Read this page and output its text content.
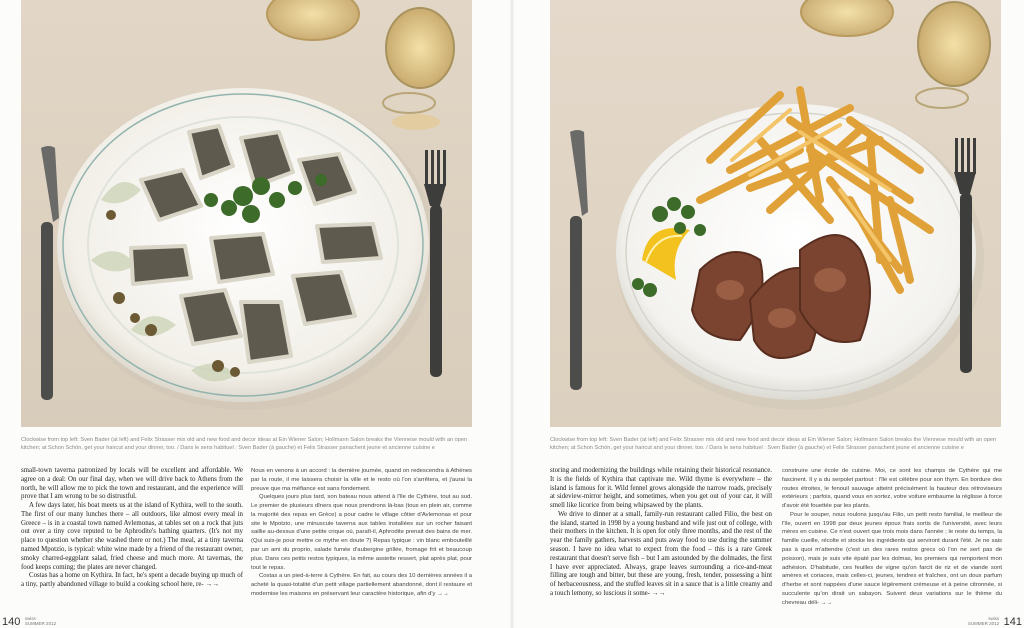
Clockwise from top left: Sven Bader (at left) and Felix Strasser mix old and new food and decor ideas at Ein Wiener Salon; Hollmann Salon breaks the Viennese mould with an open kitchen; at Schon Schön, get your haircut and your dinner, too. / Dans le sens habituel : Sven Bader (à gauche) et Felix Strasser panachent jeune et ancienne cuisine e

small-town taverna patronized by locals will be excellent and affordable. We agree on a deal: On our final day, when we will drive back to Athens from the north, he will allow me to pick the town and restaurant, and the experience will prove that I am wrong to be so distrustful.

A few days later, his boat meets us at the island of Kythira, well to the south. The first of our many lunches there – all outdoors, like almost every meal in Greece – is in a coastal town named Avlemonas, at tables set on a rock that juts out over a tiny cove reputed to be Aphrodite's bathing quarters. (It's not my place to question whether she washed there or not.) The meal, at a tiny taverna named Mpotzio, is typical: white wine made by a friend of the restaurant owner, smoky charred-eggplant salad, fried cheese and much more. At tavernas, the food keeps coming; the plates are never changed.

Costas has a home on Kythira. In fact, he's spent a decade buying up much of a tiny, partly abandoned village to build a cooking school here, re- →→

Nous en venons à un accord : la dernière journée, quand on redescendra à Athènes par la route, il me laissera choisir la ville et le resto où l'on s'arrêtera, et j'aurai la preuve que ma méfiance est sans fondement.

Quelques jours plus tard, son bateau nous attend à l'île de Cythère, tout au sud. Le premier de plusieurs dîners que nous prendrons là-bas (tous en plein air, comme la majorité des repas en Grèce) a pour cadre le village côtier d'Avlemonas et pour site le Mpotzio, une minuscule taverna aux tables installées sur un rocher faisant saillie au-dessus d'une petite crique où, paraît-il, Aphrodite prenait des bains de mer. (Qui suis-je pour mettre ce mythe en doute ?) Repas typique : vin blanc embouteillé par un ami du proprio, salade fumée d'aubergine grillée, fromage frit et beaucoup plus. Dans ces petits restos typiques, la même assiette ressert, plat après plat, pour tout le repas.

Costas a un pied-à-terre à Cythère. En fait, au cours des 10 dernières années il a acheté la quasi-totalité d'un petit village partiellement abandonné, dont il restaure et modernise les maisons en préservant leur caractère historique, afin d'y →→

140 swiss
SUMMER 2012
Clockwise from top left: Sven Bader (at left) and Felix Strasser mix old and new food and decor ideas at Ein Wiener Salon; Hollmann Salon breaks the Viennese mould with an open kitchen; at Schon Schön, get your haircut and your dinner, too. / Dans le sens habituel : Sven Bader (à gauche) et Felix Strasser panachent jeune et ancienne cuisine e

storing and modernizing the buildings while retaining their historical resonance. It is the fields of Kythira that captivate me. Wild thyme is everywhere – the island is famous for it. Wild fennel grows alongside the narrow roads, precisely at sideview-mirror height, and sometimes, when you get out of your car, it will smell like licorice from being whipsawed by the plants.

We drive to dinner at a small, family-run restaurant called Filio, the best on the island, started in 1998 by a young husband and wife just out of college, with their mothers in the kitchen. It is open for only three months, and the rest of the year the family gathers, harvests and puts away food to use during the summer season. I have no idea what to expect from the food – this is a rare Greek restaurant that doesn't serve fish – but I am astounded by the dolmades, the first I have ever appreciated. Always, grape leaves surrounding a rice-and-meat filling are tough and bitter, but these are young, fresh, tender, possessing a hint of herbaceousness, and the stuffed leaves sit in a sauce that is a little creamy and a touch lemony, so luscious it some- →→

construire une école de cuisine. Moi, ce sont les champs de Cythère qui me fascinent. Il y a du serpolet partout : l'île est célèbre pour son thym. En bordure des routes étroites, le fenouil sauvage atteint précisément la hauteur des rétroviseurs extérieurs ; parfois, quand vous en sortez, votre voiture embaume la réglisse à force d'avoir été fouettée par les plants.

Pour le souper, nous roulons jusqu'au Filio, un petit resto familial, le meilleur de l'île, ouvert en 1998 par deux jeunes époux frais sortis de l'université, avec leurs mères en cuisine. Ce n'est ouvert que trois mois dans l'année ; le reste du temps, la famille cueille, récolte et stocke les ingrédients qui serviront durant l'été. Je ne sais pas à quoi m'attendre (c'est un des rares restos grecs où l'on ne sert pas de poisson), mais je suis vite épaté par les dolmas, les premiers qui remportent mon adhésion. D'habitude, ces feuilles de vigne qu'on farcit de riz et de viande sont amères et coriaces, mais celles-ci, jeunes, tendres et fraîches, ont un doux parfum d'herbe et sont nappées d'une sauce légèrement crémeuse et à peine citronnée, si succulente qu'on dirait un sabayon. Suivent deux variations sur le thème du chevreau déli- →→

swiss
SUMMER 2012 141
